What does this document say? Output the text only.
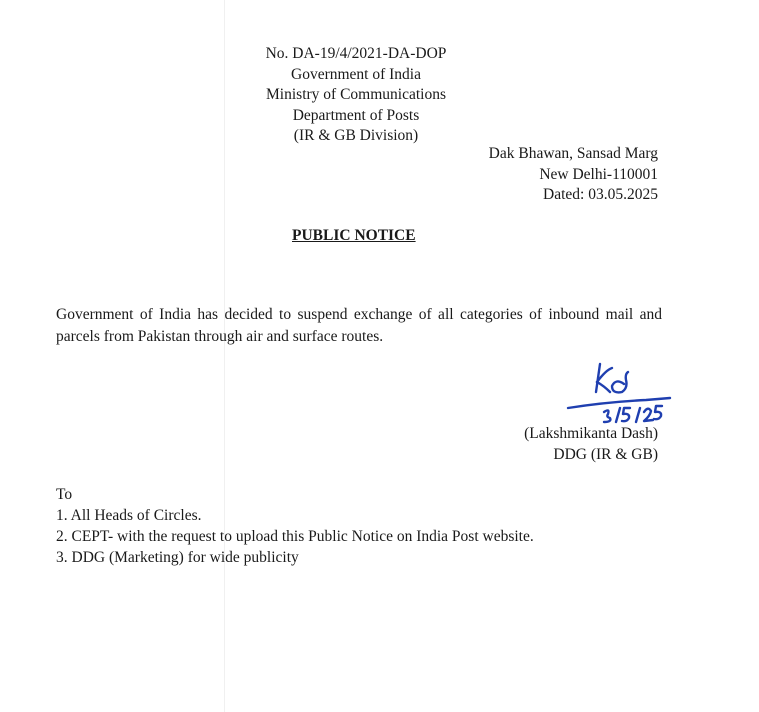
No. DA-19/4/2021-DA-DOP
Government of India
Ministry of Communications
Department of Posts
(IR & GB Division)
Dak Bhawan, Sansad Marg
New Delhi-110001
Dated: 03.05.2025
PUBLIC NOTICE
Government of India has decided to suspend exchange of all categories of inbound mail and parcels from Pakistan through air and surface routes.
(Lakshmikanta Dash)
DDG (IR & GB)
To
1. All Heads of Circles.
2. CEPT- with the request to upload this Public Notice on India Post website.
3. DDG (Marketing) for wide publicity
